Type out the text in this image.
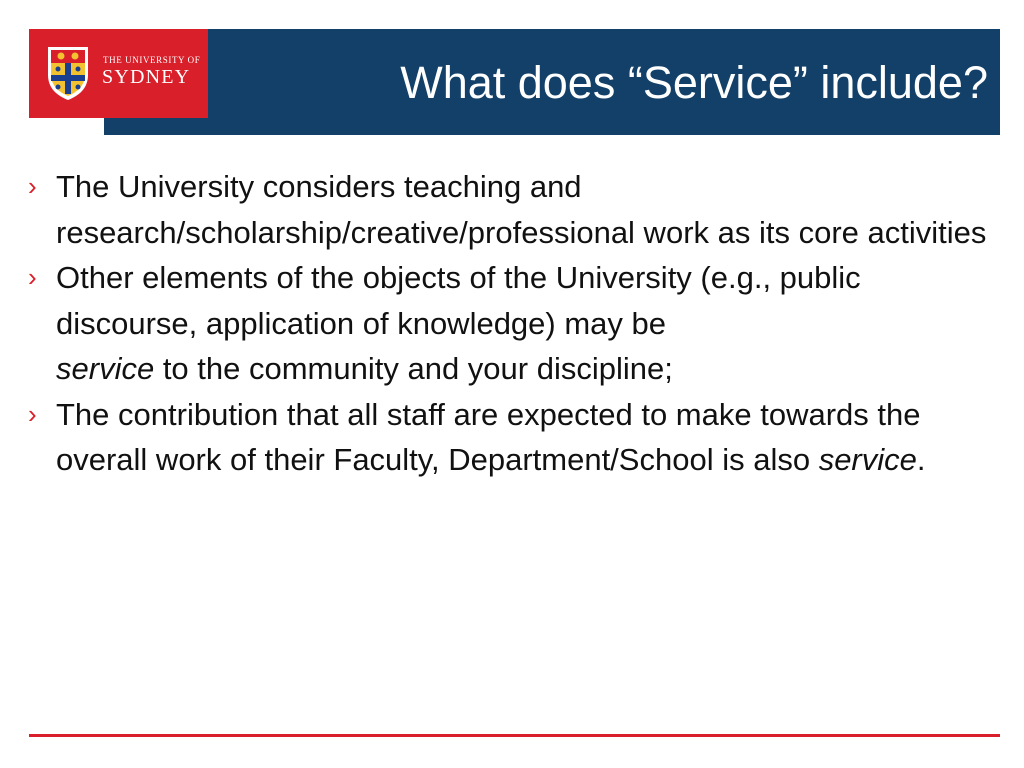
THE UNIVERSITY OF
SYDNEY	What does “Service” include?
› The University considers teaching and research/scholarship/creative/professional work as its core activities
› Other elements of the objects of the University (e.g., public discourse, application of knowledge) may be
service to the community and your discipline;
› The contribution that all staff are expected to make towards the overall work of their Faculty, Department/School is also service.
